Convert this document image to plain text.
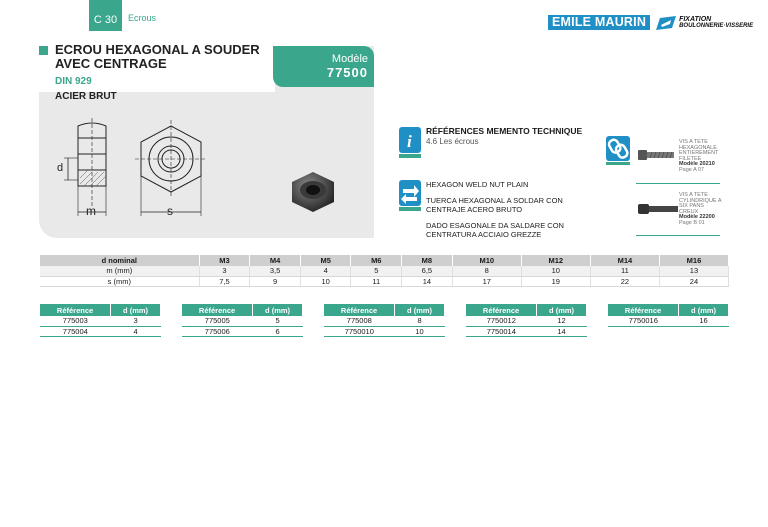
C 30 Ecrous	EMILE MAURIN	FIXATION
BOULONNERIE·VISSERIE
ECROU HEXAGONAL A SOUDER AVEC CENTRAGE
DIN 929
ACIER BRUT
Modèle
77500
d
m	s
i
RÉFÉRENCES MEMENTO TECHNIQUE
4.6 Les écrous
HEXAGON WELD NUT PLAIN
TUERCA HEXAGONAL A SOLDAR CON CENTRAJE ACERO BRUTO
DADO ESAGONALE DA SALDARE CON CENTRATURA ACCIAIO GREZZE
VIS A TETE HEXAGONALE ENTIEREMENT FILETEE
Modèle 20210
Page A 07
VIS A TETE CYLINDRIQUE A SIX PANS CREUX
Modèle 22200
Page B 01
d nominal	M3	M4	M5	M6	M8	M10	M12	M14	M16
m (mm)	3	3,5	4	5	6,5	8	10	11	13
s (mm)	7,5	9	10	11	14	17	19	22	24
Référence	d (mm)
775003	3
775004	4
Référence	d (mm)
775005	5
775006	6
Référence	d (mm)
775008	8
7750010	10
Référence	d (mm)
7750012	12
7750014	14
Référence	d (mm)
7750016	16
